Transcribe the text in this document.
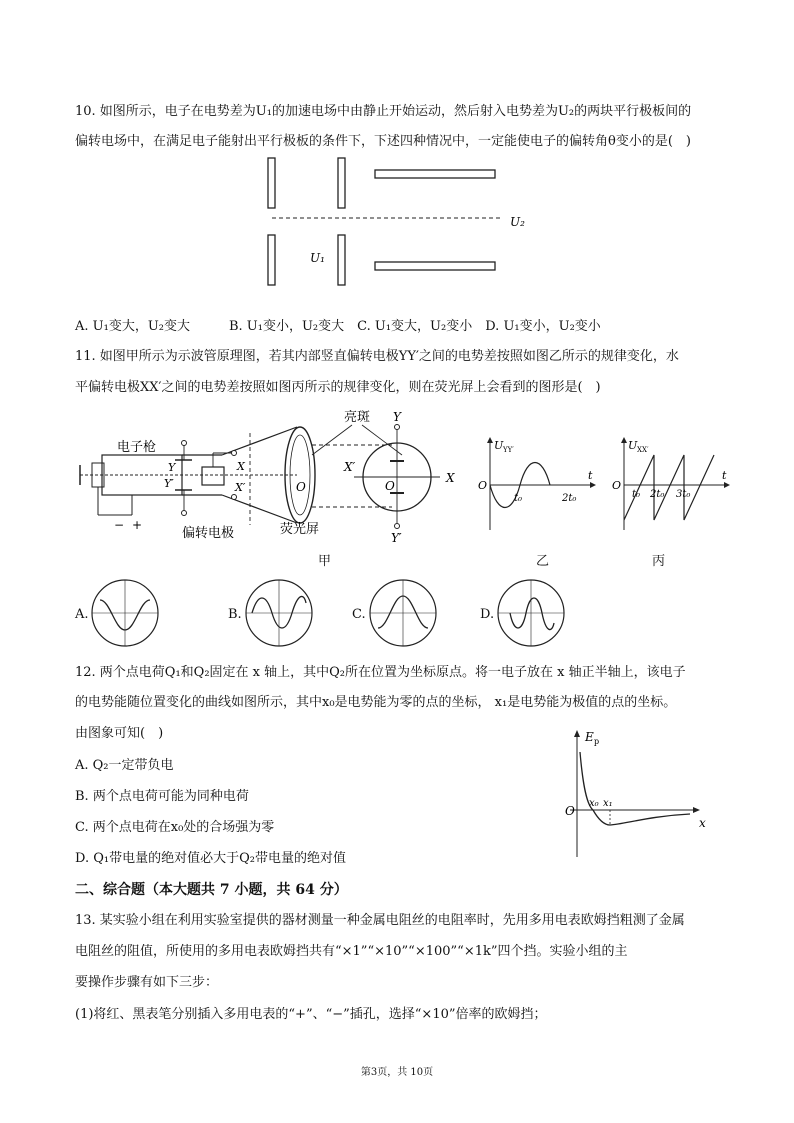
10. 如图所示，电子在电势差为U₁的加速电场中由静止开始运动，然后射入电势差为U₂的两块平行极板间的
偏转电场中，在满足电子能射出平行极板的条件下，下述四种情况中，一定能使电子的偏转角θ变小的是(　)
U₁
U₂
A. U₁变大，U₂变大　　　B. U₁变小，U₂变大　C. U₁变大，U₂变小　D. U₁变小，U₂变小
11. 如图甲所示为示波管原理图，若其内部竖直偏转电极YY′之间的电势差按照如图乙所示的规律变化，水
平偏转电极XX′之间的电势差按照如图丙所示的规律变化，则在荧光屏上会看到的图形是(　)
− +
电子枪
Y
Y′
X
X′
偏转电极
O
荧光屏
亮斑 Y
Y′
X
X′
O
U YY′
O
t₀	2t₀
t
U XX′
O
t₀ 2t₀ 3t₀
t
甲	乙	丙
A.	B.	C.	D.
12. 两个点电荷Q₁和Q₂固定在 x 轴上，其中Q₂所在位置为坐标原点。将一电子放在 x 轴正半轴上，该电子
的电势能随位置变化的曲线如图所示，其中x₀是电势能为零的点的坐标， x₁是电势能为极值的点的坐标。
由图象可知(　)
A. Q₂一定带负电
B. 两个点电荷可能为同种电荷
C. 两个点电荷在x₀处的合场强为零
D. Q₁带电量的绝对值必大于Q₂带电量的绝对值
E p
O
x₀ x₁
x
二、综合题（本大题共 7 小题，共 64 分）
13. 某实验小组在利用实验室提供的器材测量一种金属电阻丝的电阻率时，先用多用电表欧姆挡粗测了金属
电阻丝的阻值，所使用的多用电表欧姆挡共有“×1”“×10”“×100”“×1k”四个挡。实验小组的主
要操作步骤有如下三步：
(1)将红、黑表笔分别插入多用电表的“+”、“−”插孔，选择“×10”倍率的欧姆挡；
第3页，共 10页
